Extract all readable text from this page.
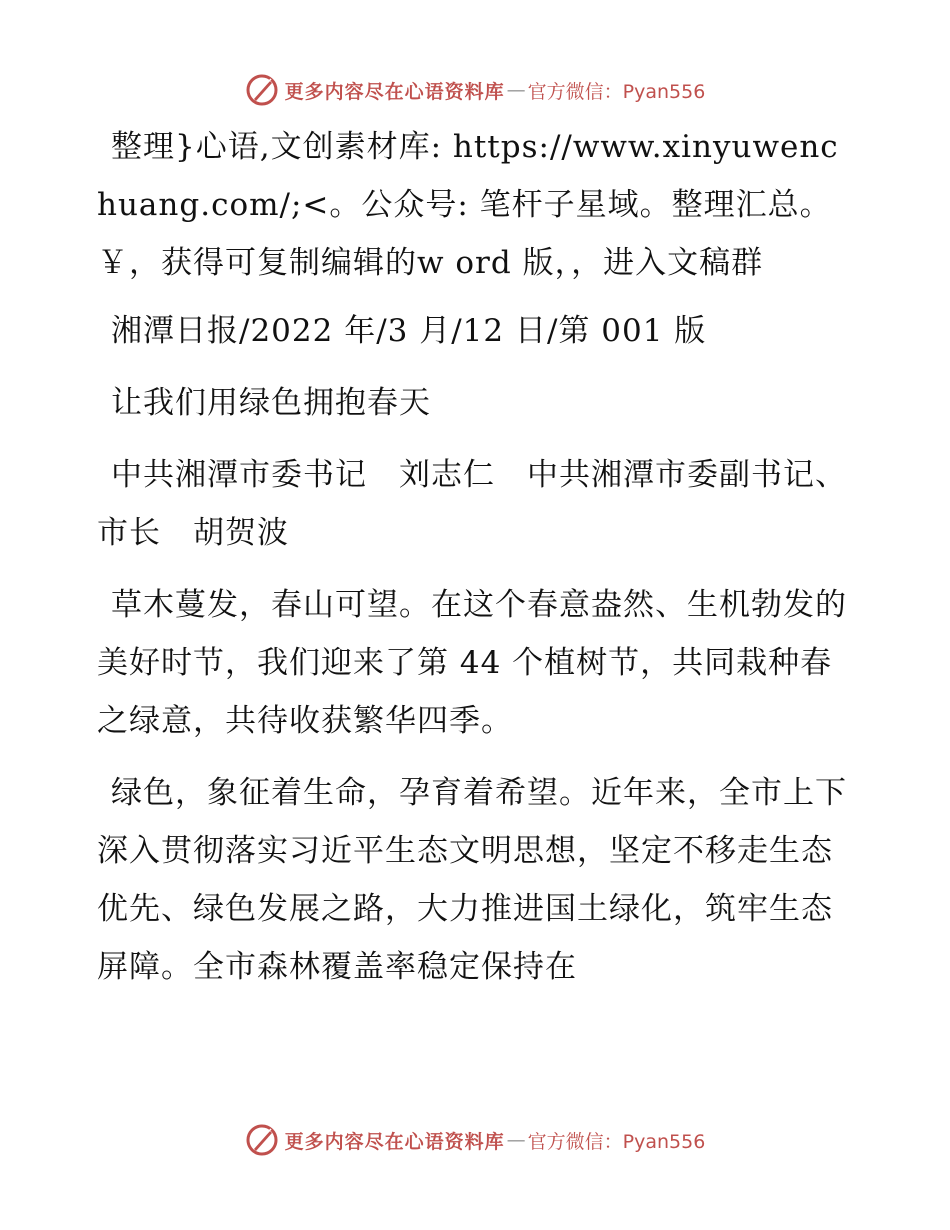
更多内容尽在心语资料库 — 官方微信：Pyan556

整理}心语,文创素材库: https://www.xinyuwenchuang.com/;<。公众号: 笔杆子星域。整理汇总。￥，获得可复制编辑的w ord 版，，进入文稿群

湘潭日报/2022 年/3 月/12 日/第 001 版

让我们用绿色拥抱春天

中共湘潭市委书记　刘志仁　中共湘潭市委副书记、市长　胡贺波

草木蔓发，春山可望。在这个春意盎然、生机勃发的美好时节，我们迎来了第 44 个植树节，共同栽种春之绿意，共待收获繁华四季。

绿色，象征着生命，孕育着希望。近年来，全市上下深入贯彻落实习近平生态文明思想，坚定不移走生态优先、绿色发展之路，大力推进国土绿化，筑牢生态屏障。全市森林覆盖率稳定保持在

更多内容尽在心语资料库 — 官方微信：Pyan556
